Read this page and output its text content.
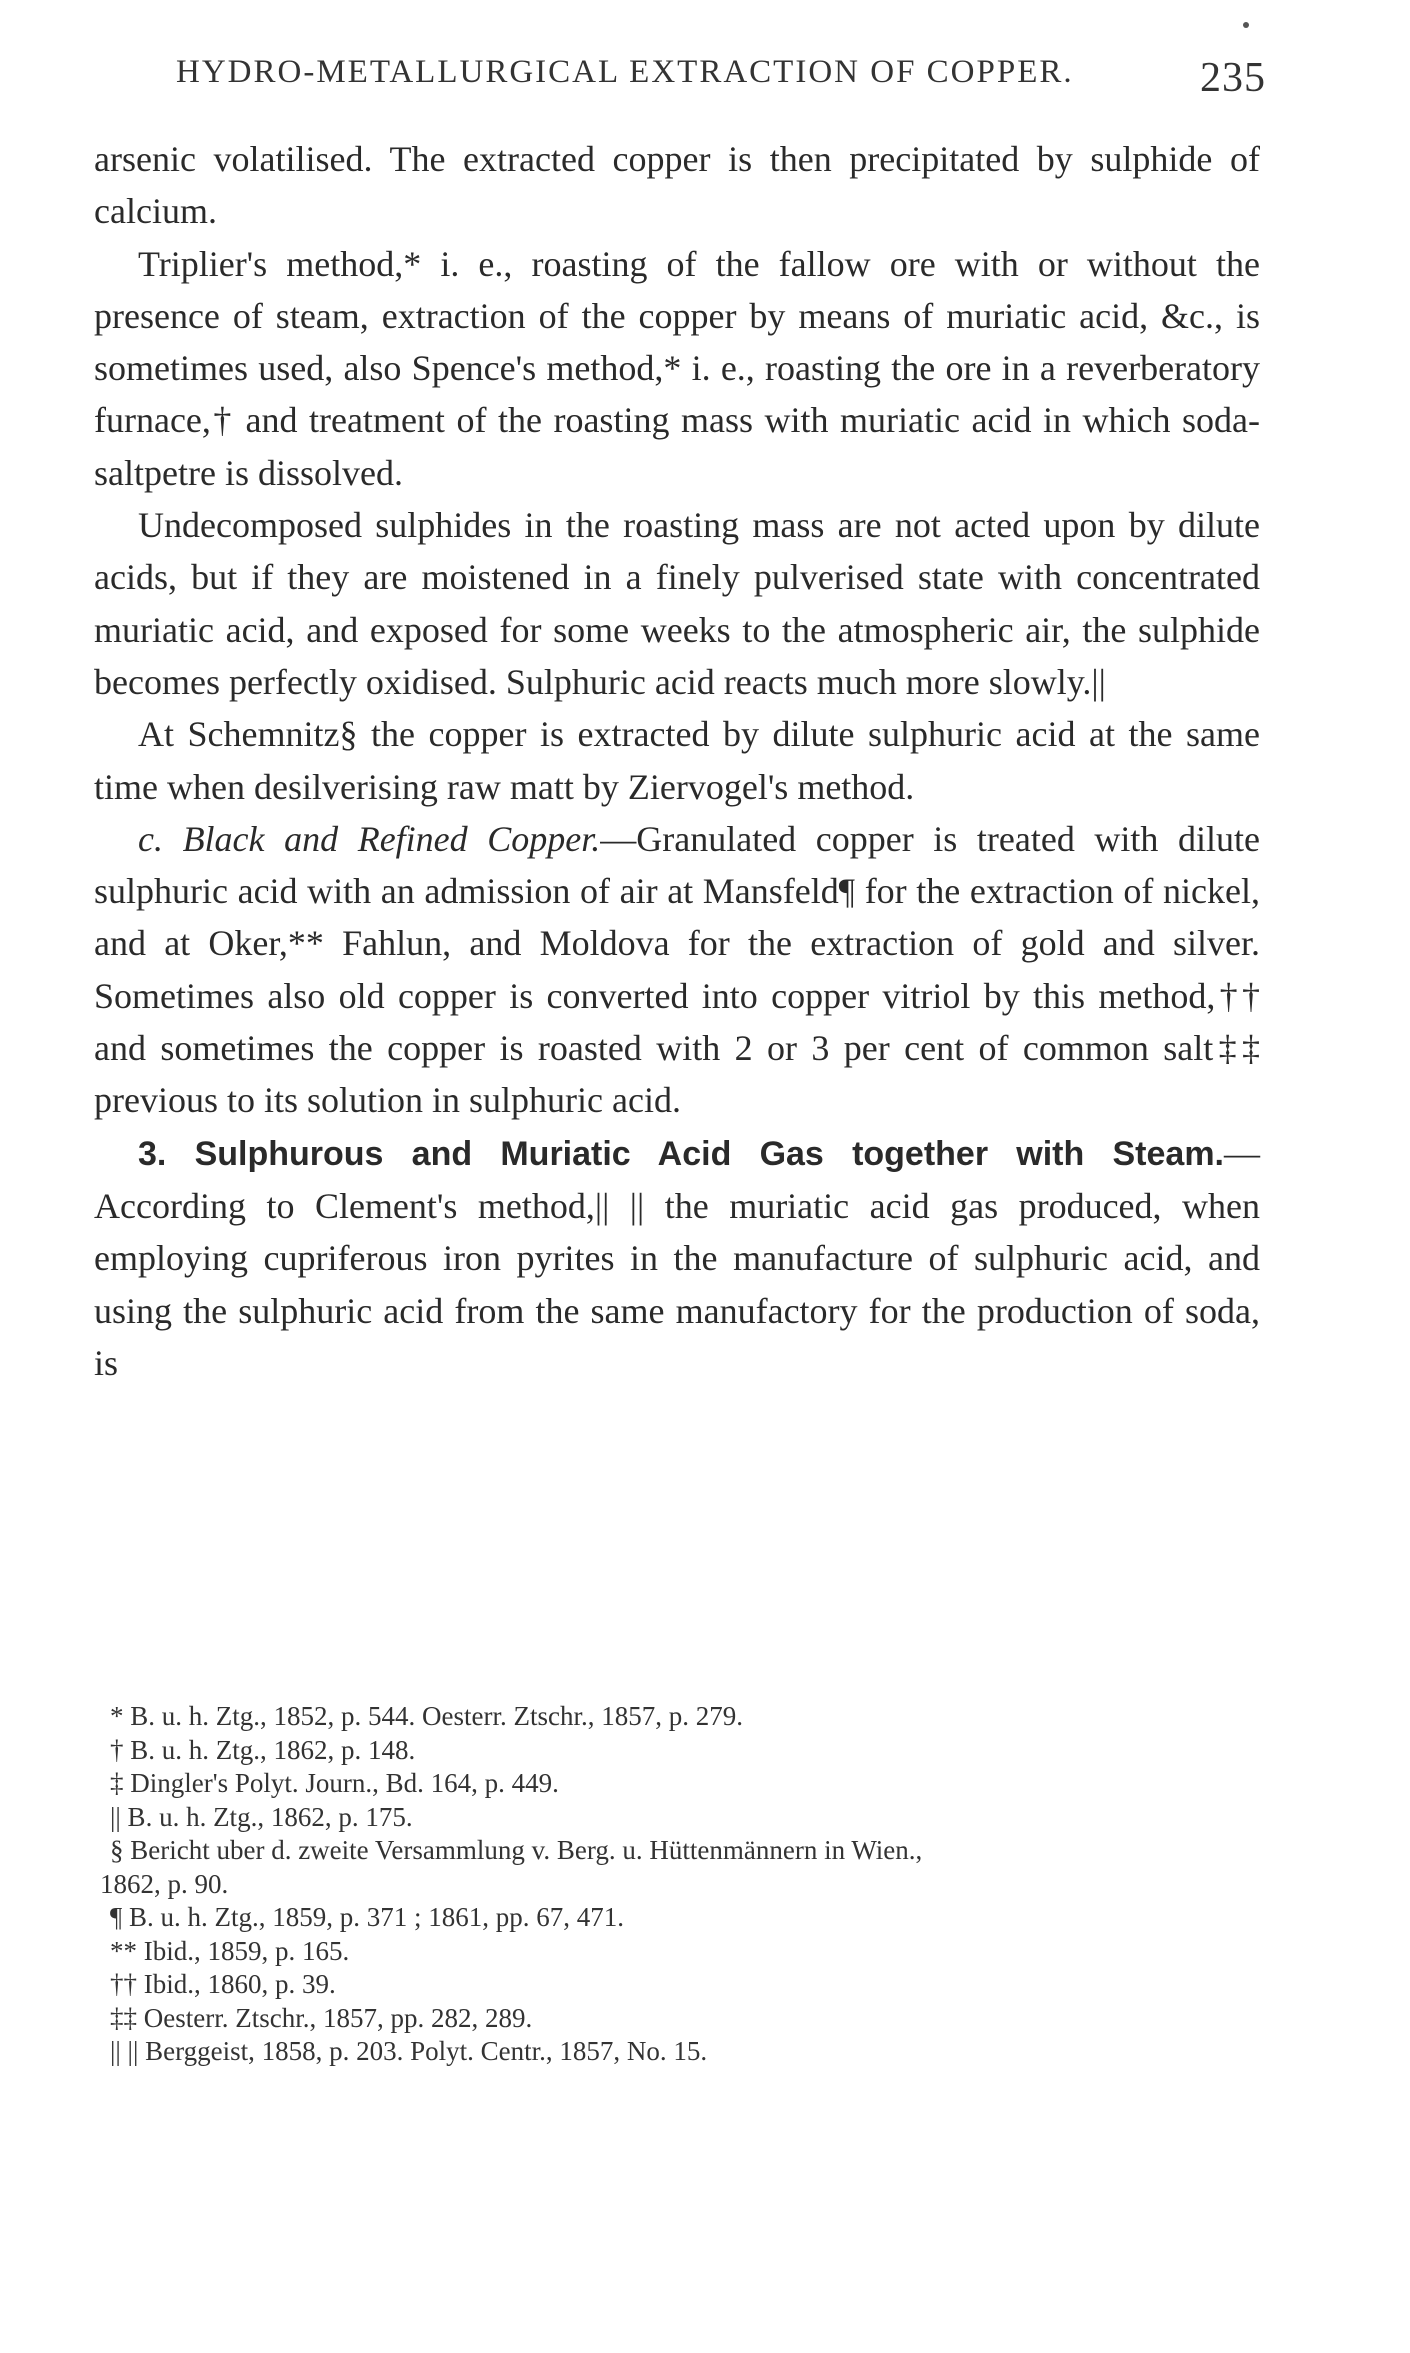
HYDRO-METALLURGICAL EXTRACTION OF COPPER.	235

arsenic volatilised. The extracted copper is then precipitated by sulphide of calcium.

Triplier's method,* i. e., roasting of the fallow ore with or without the presence of steam, extraction of the copper by means of muriatic acid, &c., is sometimes used, also Spence's method,* i. e., roasting the ore in a reverberatory furnace,† and treatment of the roasting mass with muriatic acid in which soda-saltpetre is dissolved.

Undecomposed sulphides in the roasting mass are not acted upon by dilute acids, but if they are moistened in a finely pulverised state with concentrated muriatic acid, and exposed for some weeks to the atmospheric air, the sulphide becomes perfectly oxidised. Sulphuric acid reacts much more slowly.||

At Schemnitz§ the copper is extracted by dilute sulphuric acid at the same time when desilverising raw matt by Ziervogel's method.

c. Black and Refined Copper.—Granulated copper is treated with dilute sulphuric acid with an admission of air at Mansfeld¶ for the extraction of nickel, and at Oker,** Fahlun, and Moldova for the extraction of gold and silver. Sometimes also old copper is converted into copper vitriol by this method,†† and sometimes the copper is roasted with 2 or 3 per cent of common salt‡‡ previous to its solution in sulphuric acid.

3. Sulphurous and Muriatic Acid Gas together with Steam.—According to Clement's method,|| || the muriatic acid gas produced, when employing cupriferous iron pyrites in the manufacture of sulphuric acid, and using the sulphuric acid from the same manufactory for the production of soda, is

* B. u. h. Ztg., 1852, p. 544. Oesterr. Ztschr., 1857, p. 279.

† B. u. h. Ztg., 1862, p. 148.

‡ Dingler's Polyt. Journ., Bd. 164, p. 449.

|| B. u. h. Ztg., 1862, p. 175.

§ Bericht uber d. zweite Versammlung v. Berg. u. Hüttenmännern in Wien.,

1862, p. 90.

¶ B. u. h. Ztg., 1859, p. 371 ; 1861, pp. 67, 471.

** Ibid., 1859, p. 165.

†† Ibid., 1860, p. 39.

‡‡ Oesterr. Ztschr., 1857, pp. 282, 289.

|| || Berggeist, 1858, p. 203. Polyt. Centr., 1857, No. 15.
